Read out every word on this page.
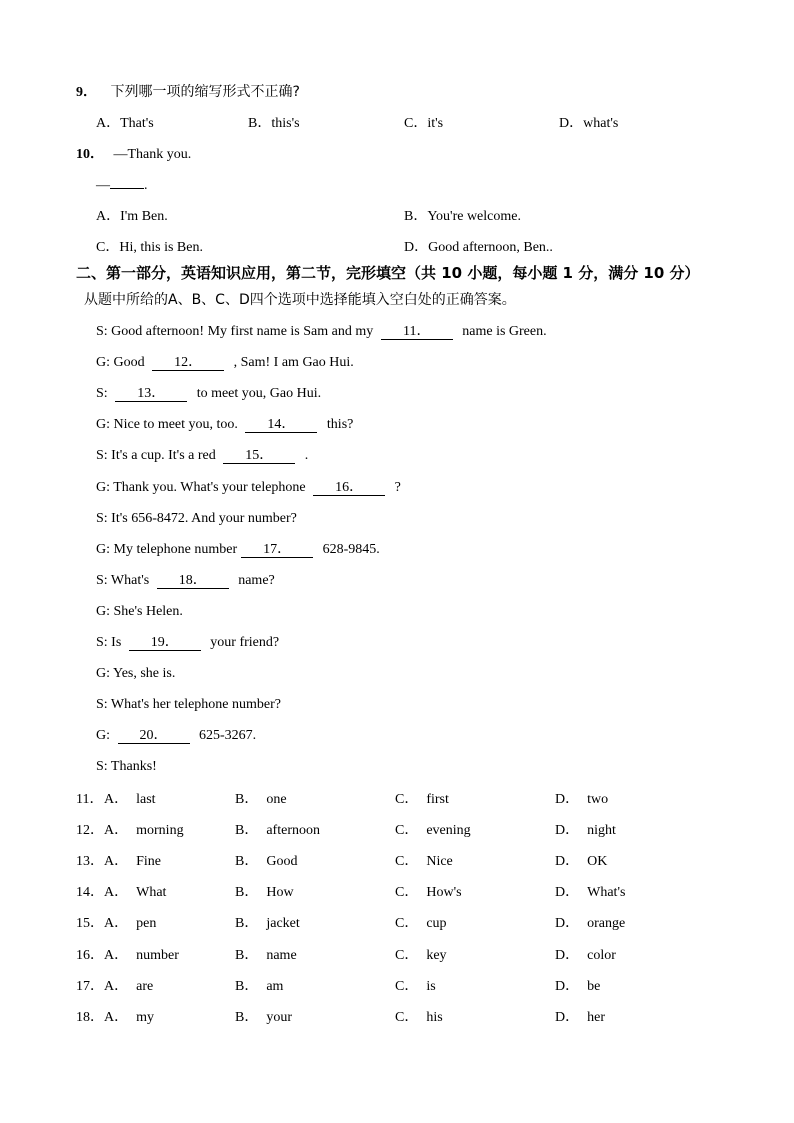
9． 下列哪一项的缩写形式不正确?
A．That's	B．this's	C．it's	D．what's
10． —Thank you.
— .
A．I'm Ben.	B．You're welcome.
C．Hi, this is Ben.	D．Good afternoon, Ben..
二、第一部分，英语知识应用，第二节，完形填空（共 10 小题，每小题 1 分，满分 10 分）
从题中所给的A、B、C、D四个选项中选择能填入空白处的正确答案。
S: Good afternoon! My first name is Sam and my 11． name is Green.
G: Good 12． , Sam! I am Gao Hui.
S: 13． to meet you, Gao Hui.
G: Nice to meet you, too. 14． this?
S: It's a cup. It's a red 15． .
G: Thank you. What's your telephone 16． ?
S: It's 656-8472. And your number?
G: My telephone number 17． 628-9845.
S: What's 18． name?
G: She's Helen.
S: Is 19． your friend?
G: Yes, she is.
S: What's her telephone number?
G: 20． 625-3267.
S: Thanks!
11． A． last	B． one	C． first	D． two
12． A． morning	B． afternoon	C． evening	D． night
13． A． Fine	B． Good	C． Nice	D． OK
14． A． What	B． How	C． How's	D． What's
15． A． pen	B． jacket	C． cup	D． orange
16． A． number	B． name	C． key	D． color
17． A． are	B． am	C． is	D． be
18． A． my	B． your	C． his	D． her
